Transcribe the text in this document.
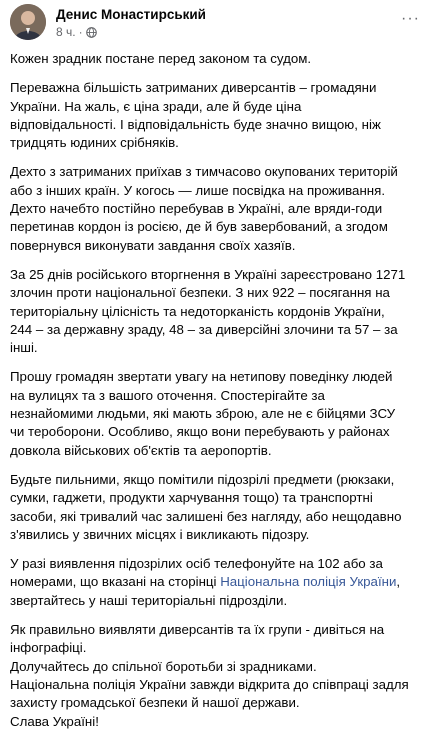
Денис Монастирський
8 ч. ·
···

Кожен зрадник постане перед законом та судом.

Переважна більшість затриманих диверсантів – громадяни України. На жаль, є ціна зради, але й буде ціна відповідальності. І відповідальність буде значно вищою, ніж тридцять юдиних срібняків.

Дехто з затриманих приїхав з тимчасово окупованих територій або з інших країн. У когось — лише посвідка на проживання. Дехто начебто постійно перебував в Україні, але вряди-годи перетинав кордон із росією, де й був завербований, а згодом повернувся виконувати завдання своїх хазяїв.

За 25 днів російського вторгнення в Україні зареєстровано 1271 злочин проти національної безпеки. З них 922 – посягання на територіальну цілісність та недоторканість кордонів України, 244 – за державну зраду, 48 – за диверсійні злочини та 57 – за інші.

Прошу громадян звертати увагу на нетипову поведінку людей на вулицях та з вашого оточення. Спостерігайте за незнайомими людьми, які мають зброю, але не є бійцями ЗСУ чи тероборони. Особливо, якщо вони перебувають у районах довкола військових об'єктів та аеропортів.

Будьте пильними, якщо помітили підозрілі предмети (рюкзаки, сумки, гаджети, продукти харчування тощо) та транспортні засоби, які тривалий час залишені без нагляду, або нещодавно з'явились у звичних місцях і викликають підозру.

У разі виявлення підозрілих осіб телефонуйте на 102 або за номерами, що вказані на сторінці Національна поліція України, звертайтесь у наші територіальні підрозділи.

Як правильно виявляти диверсантів та їх групи - дивіться на інфографіці.
Долучайтесь до спільної боротьби зі зрадниками.
Національна поліція України завжди відкрита до співпраці задля захисту громадської безпеки й нашої держави.
Слава Україні!
